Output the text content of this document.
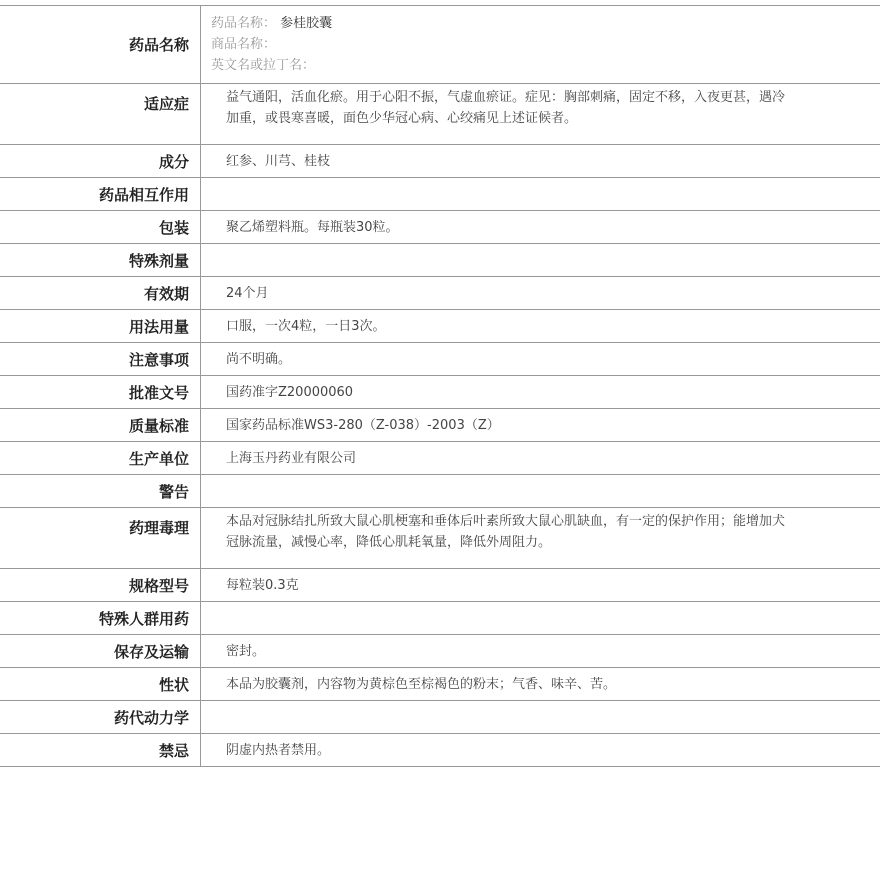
药品名称	药品名称： 参桂胶囊
商品名称：
英文名或拉丁名：

适应症	益气通阳，活血化瘀。用于心阳不振，气虚血瘀证。症见：胸部刺痛，固定不移，入夜更甚，遇冷加重，或畏寒喜暖，面色少华冠心病、心绞痛见上述证候者。
成分	红参、川芎、桂枝
药品相互作用	
包装	聚乙烯塑料瓶。每瓶装30粒。
特殊剂量	
有效期	24个月
用法用量	口服，一次4粒，一日3次。
注意事项	尚不明确。
批准文号	国药准字Z20000060
质量标准	国家药品标准WS3-280（Z-038）-2003（Z）
生产单位	上海玉丹药业有限公司
警告	
药理毒理	本品对冠脉结扎所致大鼠心肌梗塞和垂体后叶素所致大鼠心肌缺血，有一定的保护作用；能增加犬冠脉流量，减慢心率，降低心肌耗氧量，降低外周阻力。
规格型号	每粒装0.3克
特殊人群用药	
保存及运输	密封。
性状	本品为胶囊剂，内容物为黄棕色至棕褐色的粉末；气香、味辛、苦。
药代动力学	
禁忌	阴虚内热者禁用。
